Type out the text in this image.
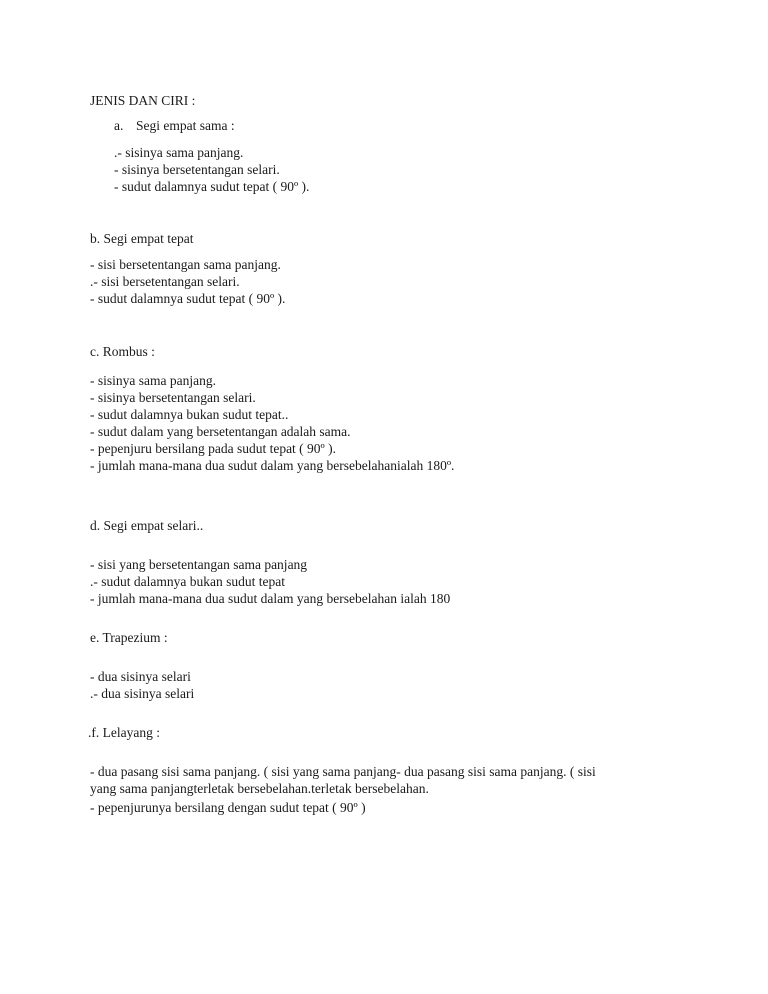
JENIS DAN CIRI :

a. Segi empat sama :

.- sisinya sama panjang.

- sisinya bersetentangan selari.

- sudut dalamnya sudut tepat ( 90º ).

b. Segi empat tepat

- sisi bersetentangan sama panjang.

.- sisi bersetentangan selari.

- sudut dalamnya sudut tepat ( 90º ).

c. Rombus :

- sisinya sama panjang.

- sisinya bersetentangan selari.

- sudut dalamnya bukan sudut tepat..

- sudut dalam yang bersetentangan adalah sama.

- pepenjuru bersilang pada sudut tepat ( 90º ).

- jumlah mana-mana dua sudut dalam yang bersebelahanialah 180º.

d. Segi empat selari..

- sisi yang bersetentangan sama panjang

.- sudut dalamnya bukan sudut tepat

- jumlah mana-mana dua sudut dalam yang bersebelahan ialah 180

e. Trapezium :

- dua sisinya selari

.- dua sisinya selari

.f. Lelayang :

- dua pasang sisi sama panjang. ( sisi yang sama panjang- dua pasang sisi sama panjang. ( sisi

yang sama panjangterletak bersebelahan.terletak bersebelahan.

- pepenjurunya bersilang dengan sudut tepat ( 90º )
